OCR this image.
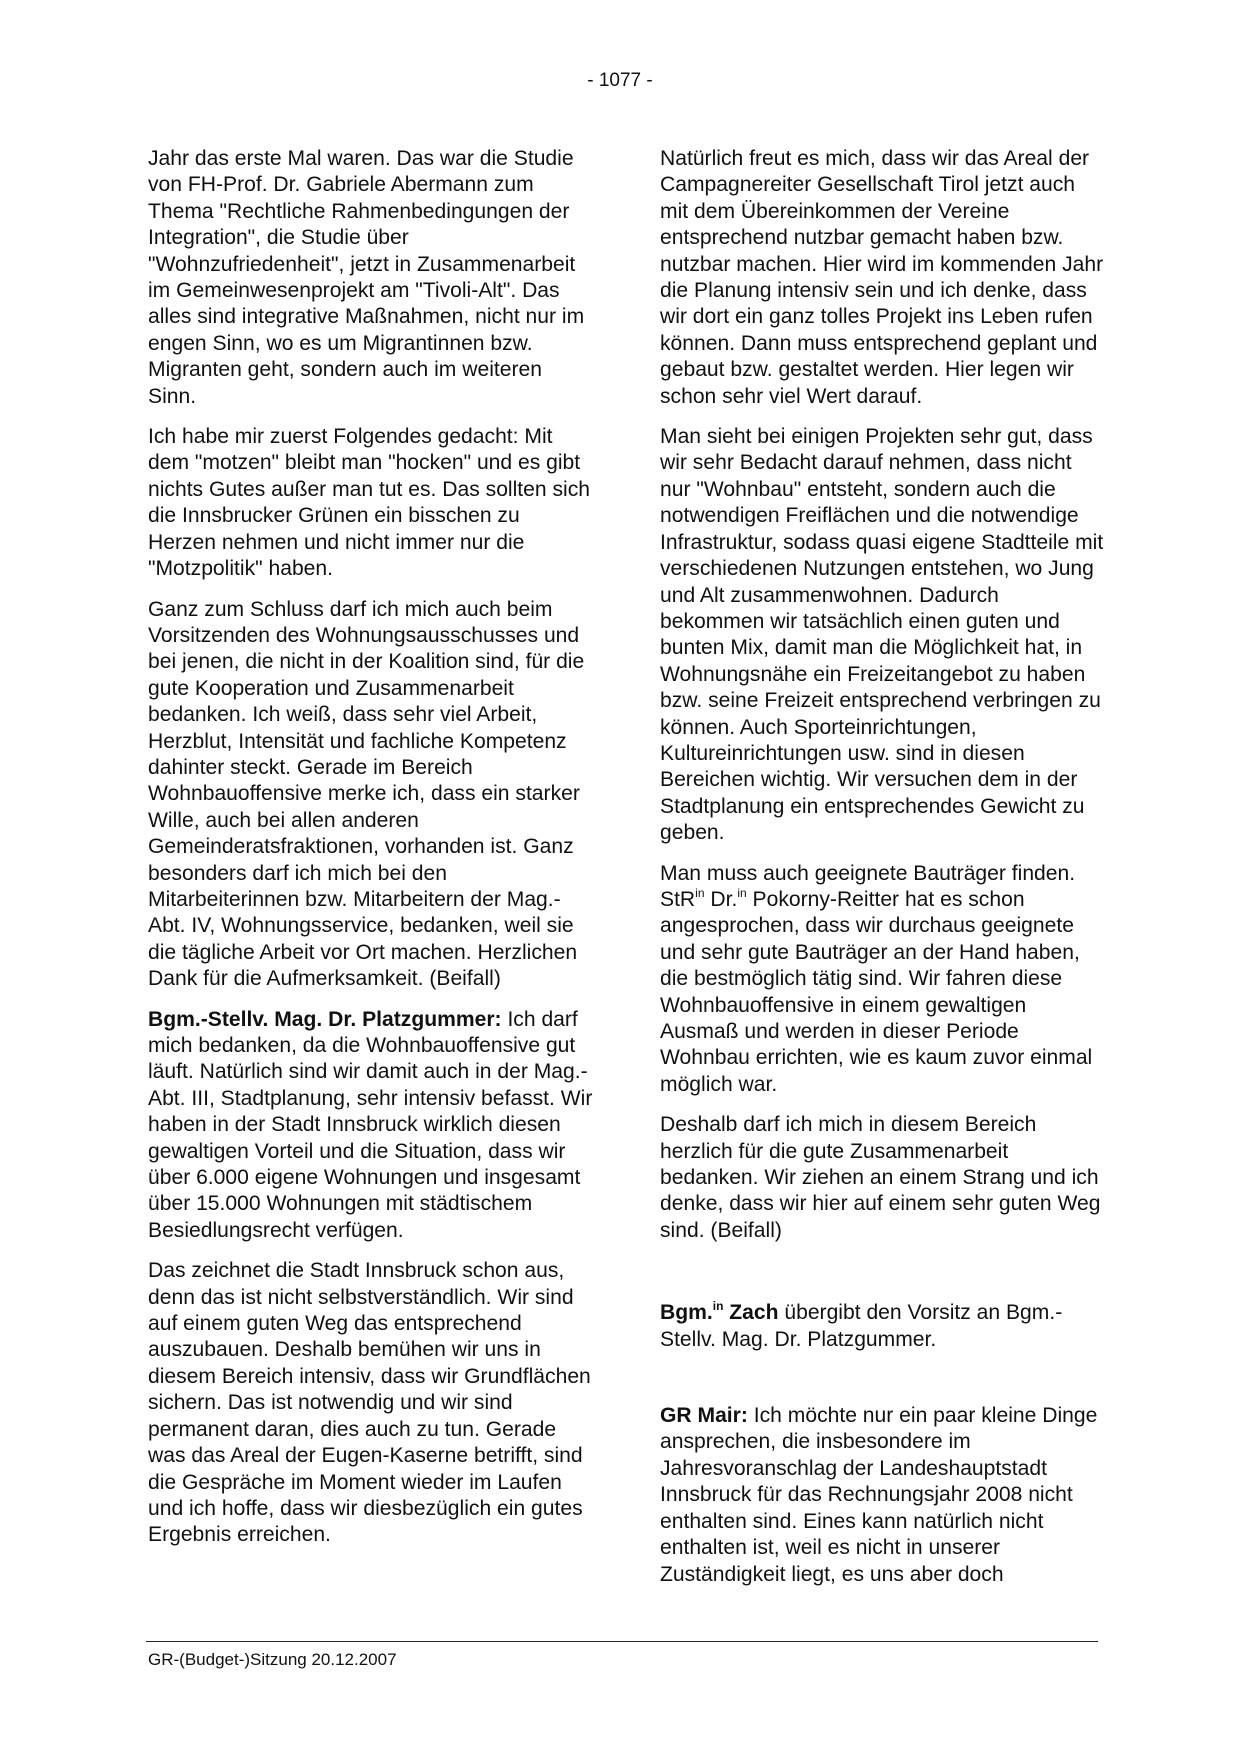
- 1077 -

Jahr das erste Mal waren. Das war die Studie von FH-Prof. Dr. Gabriele Abermann zum Thema "Rechtliche Rahmenbedingungen der Integration", die Studie über "Wohnzufriedenheit", jetzt in Zusammenarbeit im Gemeinwesenprojekt am "Tivoli-Alt". Das alles sind integrative Maßnahmen, nicht nur im engen Sinn, wo es um Migrantinnen bzw. Migranten geht, sondern auch im weiteren Sinn.

Ich habe mir zuerst Folgendes gedacht: Mit dem "motzen" bleibt man "hocken" und es gibt nichts Gutes außer man tut es. Das sollten sich die Innsbrucker Grünen ein bisschen zu Herzen nehmen und nicht immer nur die "Motzpolitik" haben.

Ganz zum Schluss darf ich mich auch beim Vorsitzenden des Wohnungsausschusses und bei jenen, die nicht in der Koalition sind, für die gute Kooperation und Zusammenarbeit bedanken. Ich weiß, dass sehr viel Arbeit, Herzblut, Intensität und fachliche Kompetenz dahinter steckt. Gerade im Bereich Wohnbauoffensive merke ich, dass ein starker Wille, auch bei allen anderen Gemeinderatsfraktionen, vorhanden ist. Ganz besonders darf ich mich bei den Mitarbeiterinnen bzw. Mitarbeitern der Mag.-Abt. IV, Wohnungsservice, bedanken, weil sie die tägliche Arbeit vor Ort machen. Herzlichen Dank für die Aufmerksamkeit. (Beifall)

Bgm.-Stellv. Mag. Dr. Platzgummer: Ich darf mich bedanken, da die Wohnbauoffensive gut läuft. Natürlich sind wir damit auch in der Mag.-Abt. III, Stadtplanung, sehr intensiv befasst. Wir haben in der Stadt Innsbruck wirklich diesen gewaltigen Vorteil und die Situation, dass wir über 6.000 eigene Wohnungen und insgesamt über 15.000 Wohnungen mit städtischem Besiedlungsrecht verfügen.

Das zeichnet die Stadt Innsbruck schon aus, denn das ist nicht selbstverständlich. Wir sind auf einem guten Weg das entsprechend auszubauen. Deshalb bemühen wir uns in diesem Bereich intensiv, dass wir Grundflächen sichern. Das ist notwendig und wir sind permanent daran, dies auch zu tun. Gerade was das Areal der Eugen-Kaserne betrifft, sind die Gespräche im Moment wieder im Laufen und ich hoffe, dass wir diesbezüglich ein gutes Ergebnis erreichen.

Natürlich freut es mich, dass wir das Areal der Campagnereiter Gesellschaft Tirol jetzt auch mit dem Übereinkommen der Vereine entsprechend nutzbar gemacht haben bzw. nutzbar machen. Hier wird im kommenden Jahr die Planung intensiv sein und ich denke, dass wir dort ein ganz tolles Projekt ins Leben rufen können. Dann muss entsprechend geplant und gebaut bzw. gestaltet werden. Hier legen wir schon sehr viel Wert darauf.

Man sieht bei einigen Projekten sehr gut, dass wir sehr Bedacht darauf nehmen, dass nicht nur "Wohnbau" entsteht, sondern auch die notwendigen Freiflächen und die notwendige Infrastruktur, sodass quasi eigene Stadtteile mit verschiedenen Nutzungen entstehen, wo Jung und Alt zusammenwohnen. Dadurch bekommen wir tatsächlich einen guten und bunten Mix, damit man die Möglichkeit hat, in Wohnungsnähe ein Freizeitangebot zu haben bzw. seine Freizeit entsprechend verbringen zu können. Auch Sporteinrichtungen, Kultureinrichtungen usw. sind in diesen Bereichen wichtig. Wir versuchen dem in der Stadtplanung ein entsprechendes Gewicht zu geben.

Man muss auch geeignete Bauträger finden. StR$^{in}$ Dr.$^{in}$ Pokorny-Reitter hat es schon angesprochen, dass wir durchaus geeignete und sehr gute Bauträger an der Hand haben, die bestmöglich tätig sind. Wir fahren diese Wohnbauoffensive in einem gewaltigen Ausmaß und werden in dieser Periode Wohnbau errichten, wie es kaum zuvor einmal möglich war.

Deshalb darf ich mich in diesem Bereich herzlich für die gute Zusammenarbeit bedanken. Wir ziehen an einem Strang und ich denke, dass wir hier auf einem sehr guten Weg sind. (Beifall)

Bgm.$^{in}$ Zach übergibt den Vorsitz an Bgm.-Stellv. Mag. Dr. Platzgummer.

GR Mair: Ich möchte nur ein paar kleine Dinge ansprechen, die insbesondere im Jahresvoranschlag der Landeshauptstadt Innsbruck für das Rechnungsjahr 2008 nicht enthalten sind. Eines kann natürlich nicht enthalten ist, weil es nicht in unserer Zuständigkeit liegt, es uns aber doch

GR-(Budget-)Sitzung 20.12.2007
